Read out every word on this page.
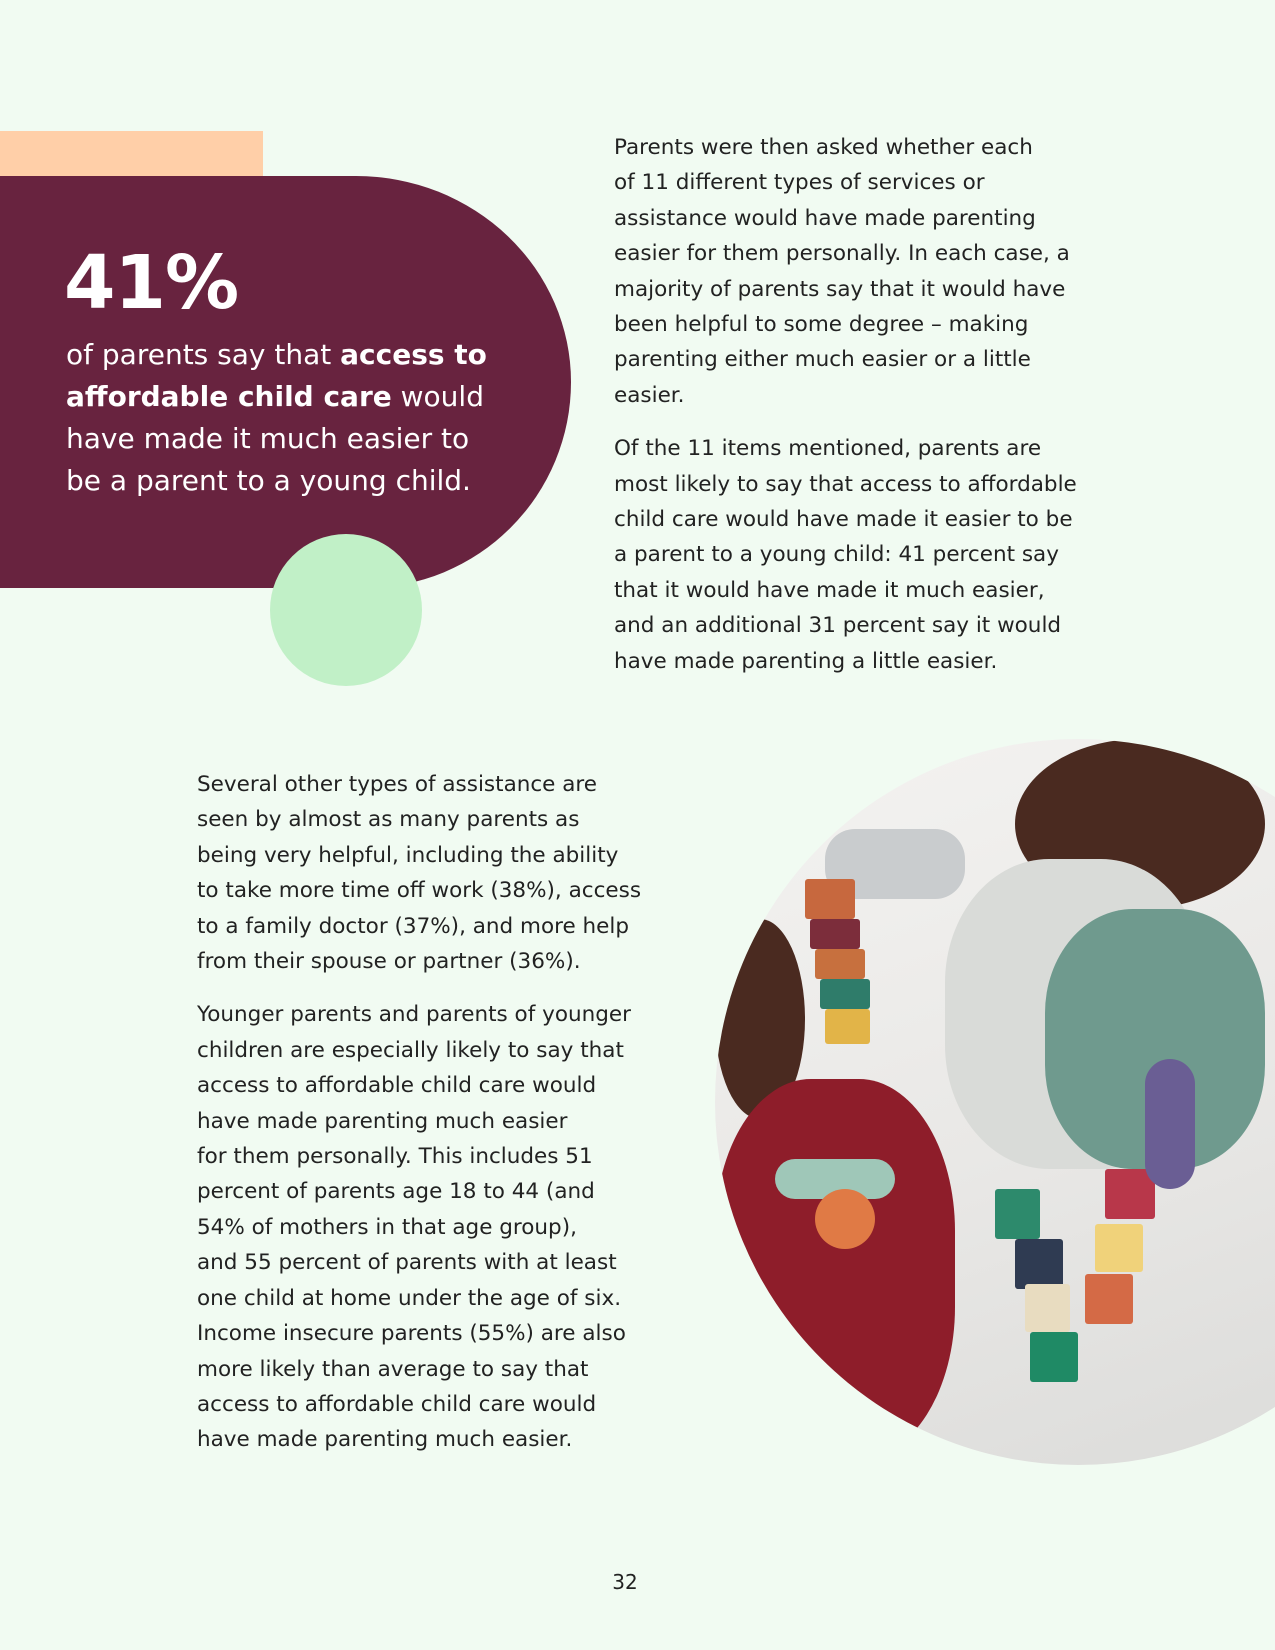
41%
of parents say that access to affordable child care would have made it much easier to be a parent to a young child.

Parents were then asked whether each
of 11 different types of services or
assistance would have made parenting
easier for them personally. In each case, a
majority of parents say that it would have
been helpful to some degree – making
parenting either much easier or a little
easier.

Of the 11 items mentioned, parents are
most likely to say that access to affordable
child care would have made it easier to be
a parent to a young child: 41 percent say
that it would have made it much easier,
and an additional 31 percent say it would
have made parenting a little easier.

Several other types of assistance are
seen by almost as many parents as
being very helpful, including the ability
to take more time off work (38%), access
to a family doctor (37%), and more help
from their spouse or partner (36%).

Younger parents and parents of younger
children are especially likely to say that
access to affordable child care would
have made parenting much easier
for them personally. This includes 51
percent of parents age 18 to 44 (and
54% of mothers in that age group),
and 55 percent of parents with at least
one child at home under the age of six.
Income insecure parents (55%) are also
more likely than average to say that
access to affordable child care would
have made parenting much easier.

32
